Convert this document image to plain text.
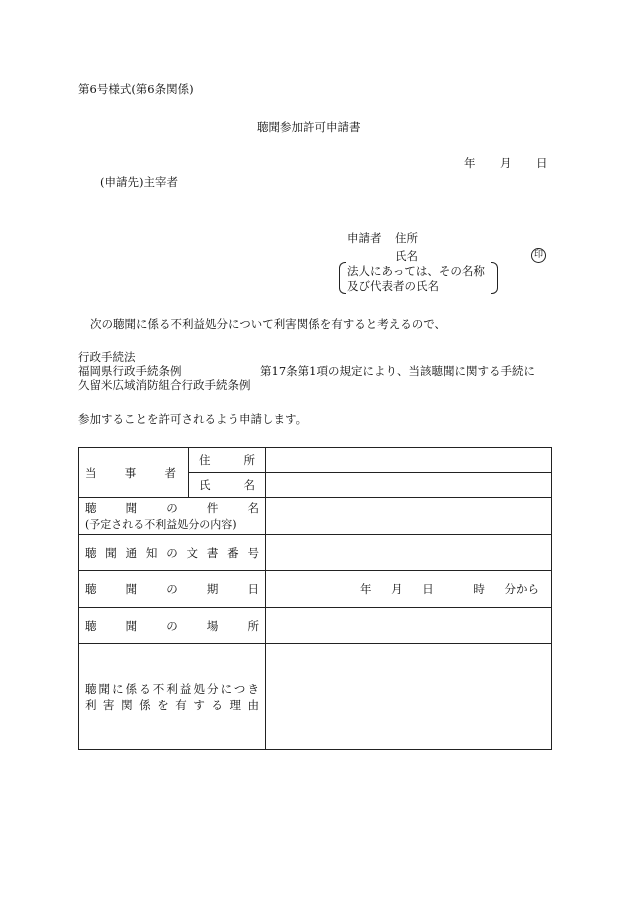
第6号様式(第6条関係)
聴聞参加許可申請書
年 月 日
(申請先)主宰者
申請者 住所
氏名	印
法人にあっては、その名称
及び代表者の氏名
次の聴聞に係る不利益処分について利害関係を有すると考えるので、
行政手続法
福岡県行政手続条例
久留米広域消防組合行政手続条例
第17条第1項の規定により、当該聴聞に関する手続に
参加することを許可されるよう申請します。
当事者	住所	

	氏名	

聴聞の件名
(予定される不利益処分の内容)		

聴聞通知の文書番号		

聴聞の期日		年 月 日 時 分から

聴聞の場所		

聴聞に係る不利益処分につき
利害関係を有する理由		
